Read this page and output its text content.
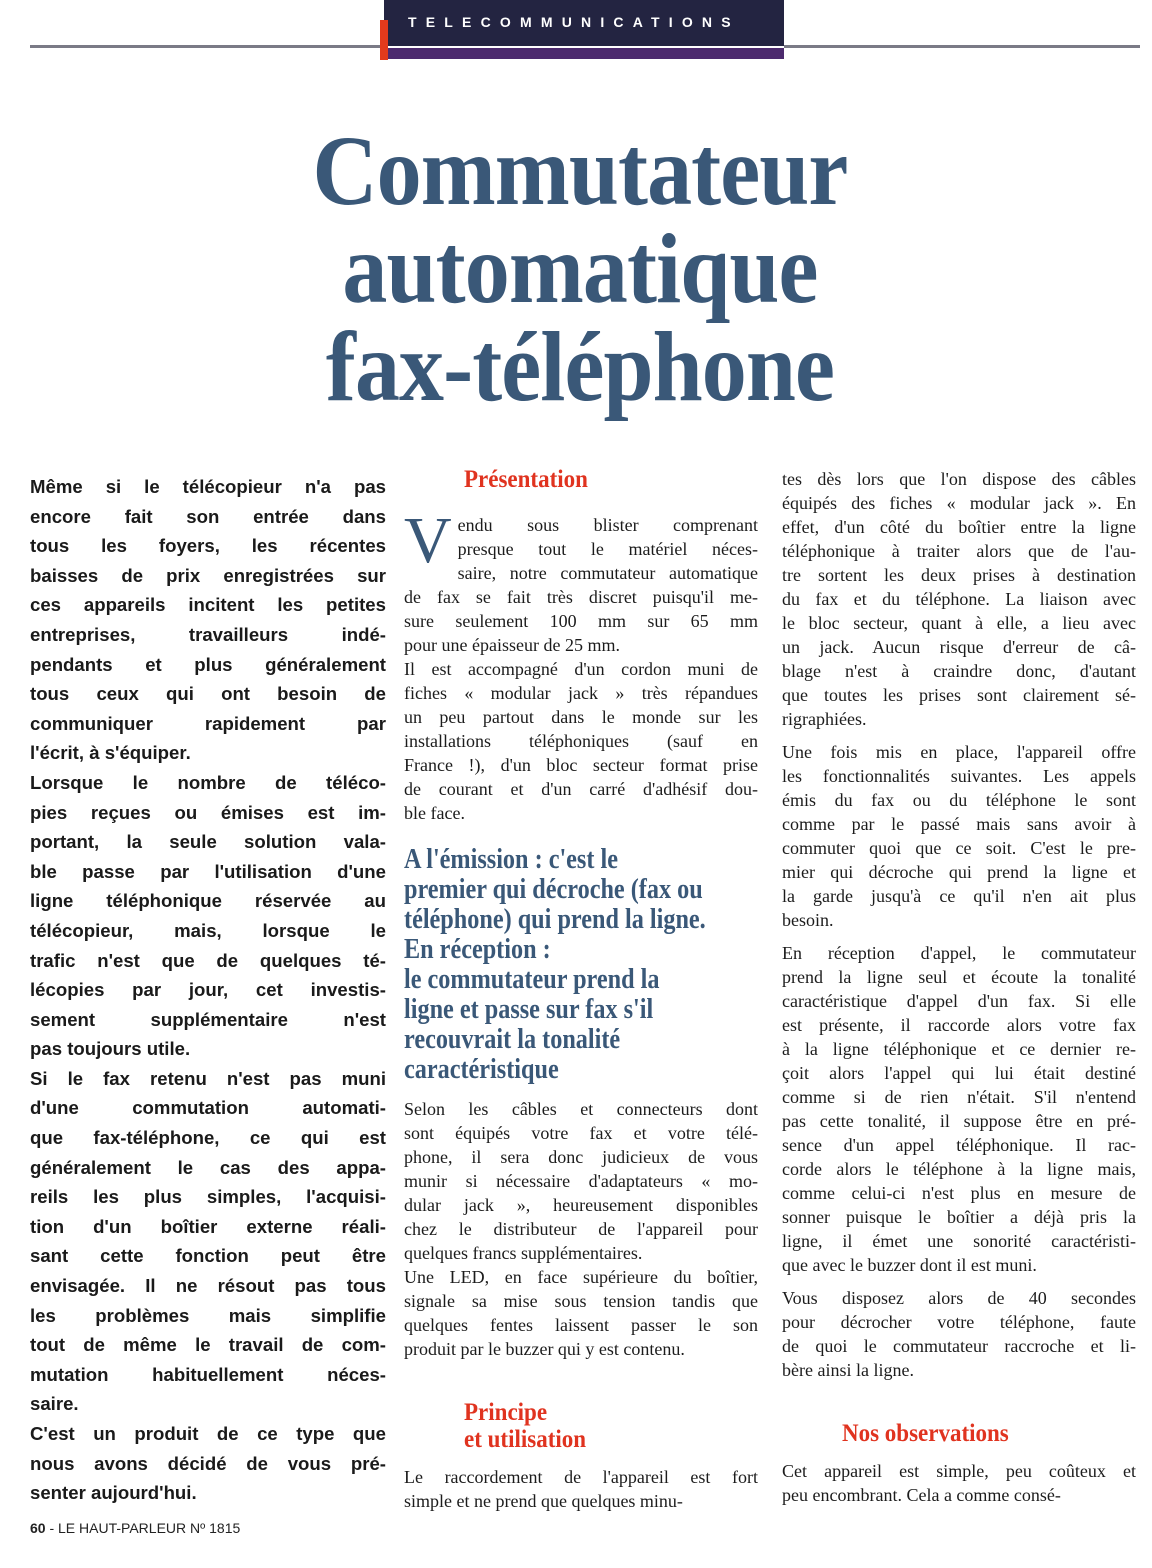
TELECOMMUNICATIONS
Commutateur
automatique
fax-téléphone
Même si le télécopieur n'a pas
encore fait son entrée dans
tous les foyers, les récentes
baisses de prix enregistrées sur
ces appareils incitent les petites
entreprises, travailleurs indé-
pendants et plus généralement
tous ceux qui ont besoin de
communiquer rapidement par
l'écrit, à s'équiper.
Lorsque le nombre de téléco-
pies reçues ou émises est im-
portant, la seule solution vala-
ble passe par l'utilisation d'une
ligne téléphonique réservée au
télécopieur, mais, lorsque le
trafic n'est que de quelques té-
lécopies par jour, cet investis-
sement supplémentaire n'est
pas toujours utile.
Si le fax retenu n'est pas muni
d'une commutation automati-
que fax-téléphone, ce qui est
généralement le cas des appa-
reils les plus simples, l'acquisi-
tion d'un boîtier externe réali-
sant cette fonction peut être
envisagée. Il ne résout pas tous
les problèmes mais simplifie
tout de même le travail de com-
mutation habituellement néces-
saire.
C'est un produit de ce type que
nous avons décidé de vous pré-
senter aujourd'hui.
Présentation
V endu sous blister comprenant
presque tout le matériel néces-
saire, notre commutateur automatique
de fax se fait très discret puisqu'il me-
sure seulement 100 mm sur 65 mm
pour une épaisseur de 25 mm.
Il est accompagné d'un cordon muni de
fiches « modular jack » très répandues
un peu partout dans le monde sur les
installations téléphoniques (sauf en
France !), d'un bloc secteur format prise
de courant et d'un carré d'adhésif dou-
ble face.
A l'émission : c'est le
premier qui décroche (fax ou
téléphone) qui prend la ligne.
En réception :
le commutateur prend la
ligne et passe sur fax s'il
recouvrait la tonalité
caractéristique
Selon les câbles et connecteurs dont
sont équipés votre fax et votre télé-
phone, il sera donc judicieux de vous
munir si nécessaire d'adaptateurs « mo-
dular jack », heureusement disponibles
chez le distributeur de l'appareil pour
quelques francs supplémentaires.
Une LED, en face supérieure du boîtier,
signale sa mise sous tension tandis que
quelques fentes laissent passer le son
produit par le buzzer qui y est contenu.
Principe
et utilisation
Le raccordement de l'appareil est fort
simple et ne prend que quelques minu-
tes dès lors que l'on dispose des câbles
équipés des fiches « modular jack ». En
effet, d'un côté du boîtier entre la ligne
téléphonique à traiter alors que de l'au-
tre sortent les deux prises à destination
du fax et du téléphone. La liaison avec
le bloc secteur, quant à elle, a lieu avec
un jack. Aucun risque d'erreur de câ-
blage n'est à craindre donc, d'autant
que toutes les prises sont clairement sé-
rigraphiées.
Une fois mis en place, l'appareil offre
les fonctionnalités suivantes. Les appels
émis du fax ou du téléphone le sont
comme par le passé mais sans avoir à
commuter quoi que ce soit. C'est le pre-
mier qui décroche qui prend la ligne et
la garde jusqu'à ce qu'il n'en ait plus
besoin.
En réception d'appel, le commutateur
prend la ligne seul et écoute la tonalité
caractéristique d'appel d'un fax. Si elle
est présente, il raccorde alors votre fax
à la ligne téléphonique et ce dernier re-
çoit alors l'appel qui lui était destiné
comme si de rien n'était. S'il n'entend
pas cette tonalité, il suppose être en pré-
sence d'un appel téléphonique. Il rac-
corde alors le téléphone à la ligne mais,
comme celui-ci n'est plus en mesure de
sonner puisque le boîtier a déjà pris la
ligne, il émet une sonorité caractéristi-
que avec le buzzer dont il est muni.
Vous disposez alors de 40 secondes
pour décrocher votre téléphone, faute
de quoi le commutateur raccroche et li-
bère ainsi la ligne.
Nos observations
Cet appareil est simple, peu coûteux et
peu encombrant. Cela a comme consé-
60 - LE HAUT-PARLEUR Nº 1815
